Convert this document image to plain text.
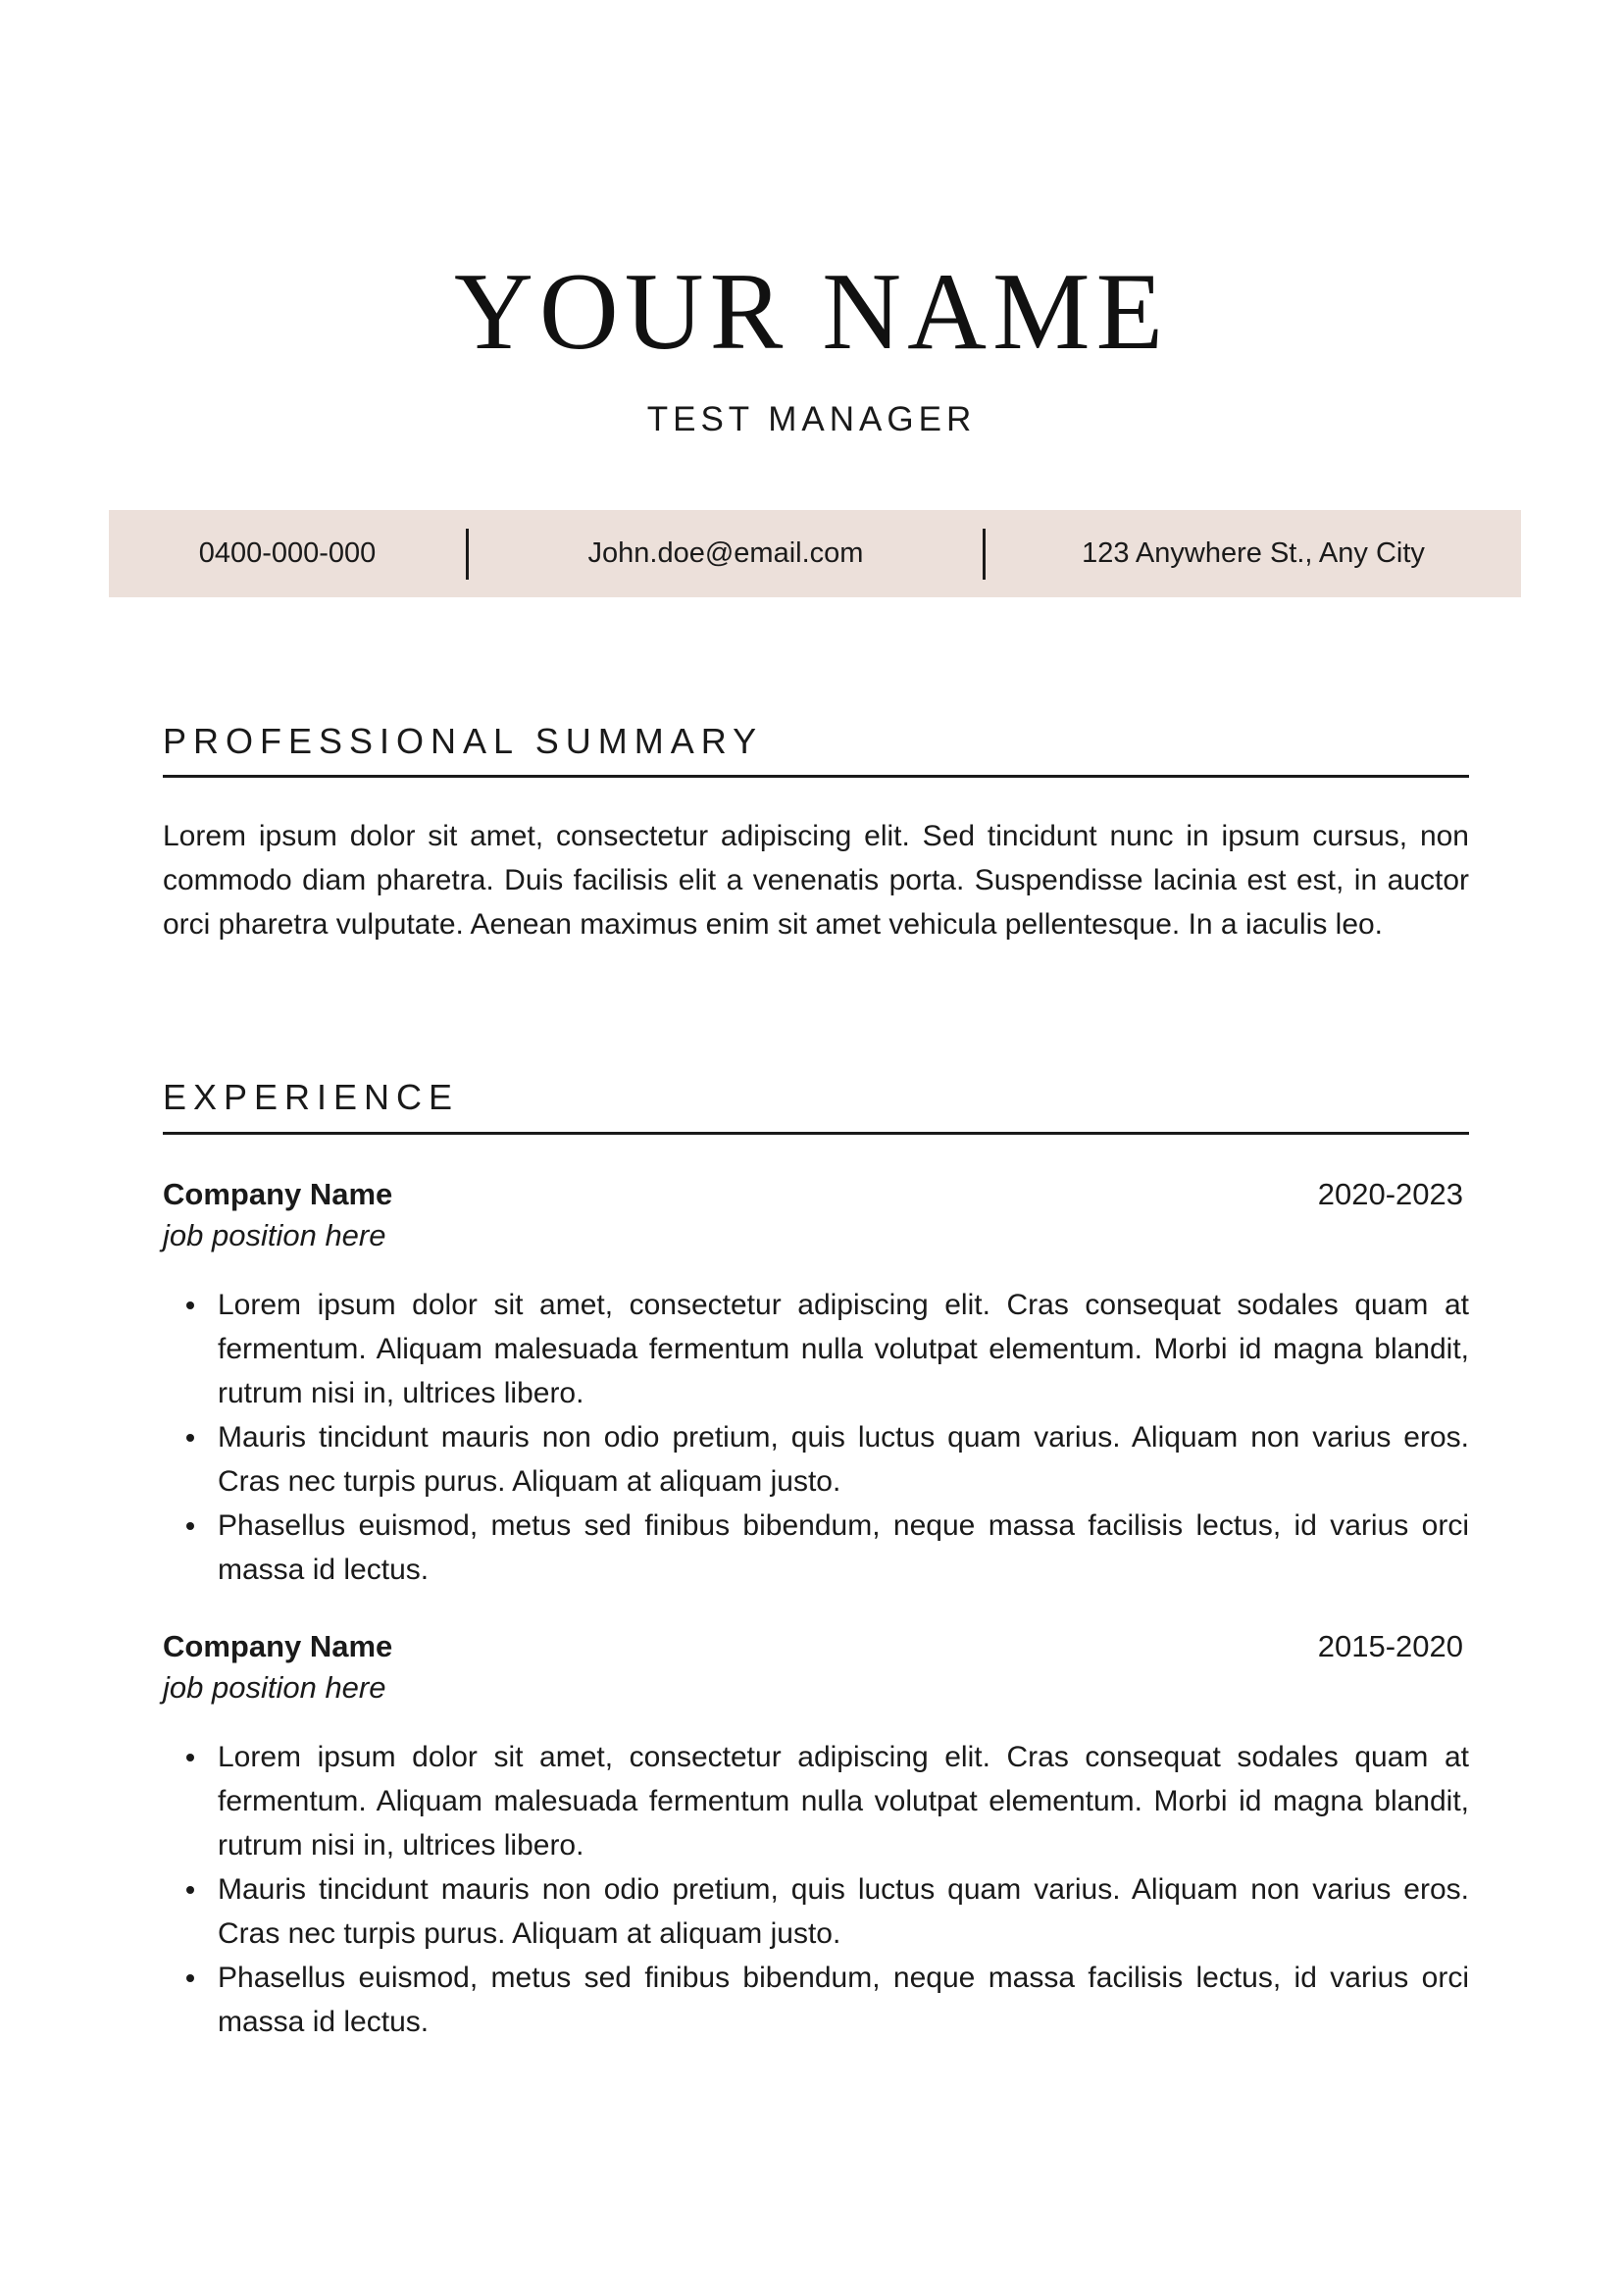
YOUR NAME
TEST MANAGER
0400-000-000	John.doe@email.com	123 Anywhere St., Any City
PROFESSIONAL SUMMARY
Lorem ipsum dolor sit amet, consectetur adipiscing elit. Sed tincidunt nunc in ipsum cursus, non commodo diam pharetra. Duis facilisis elit a venenatis porta. Suspendisse lacinia est est, in auctor orci pharetra vulputate. Aenean maximus enim sit amet vehicula pellentesque. In a iaculis leo.
EXPERIENCE
Company Name	2020-2023
job position here
Lorem ipsum dolor sit amet, consectetur adipiscing elit. Cras consequat sodales quam at fermentum. Aliquam malesuada fermentum nulla volutpat elementum. Morbi id magna blandit, rutrum nisi in, ultrices libero.
Mauris tincidunt mauris non odio pretium, quis luctus quam varius. Aliquam non varius eros. Cras nec turpis purus. Aliquam at aliquam justo.
Phasellus euismod, metus sed finibus bibendum, neque massa facilisis lectus, id varius orci massa id lectus.
Company Name	2015-2020
job position here
Lorem ipsum dolor sit amet, consectetur adipiscing elit. Cras consequat sodales quam at fermentum. Aliquam malesuada fermentum nulla volutpat elementum. Morbi id magna blandit, rutrum nisi in, ultrices libero.
Mauris tincidunt mauris non odio pretium, quis luctus quam varius. Aliquam non varius eros. Cras nec turpis purus. Aliquam at aliquam justo.
Phasellus euismod, metus sed finibus bibendum, neque massa facilisis lectus, id varius orci massa id lectus.
